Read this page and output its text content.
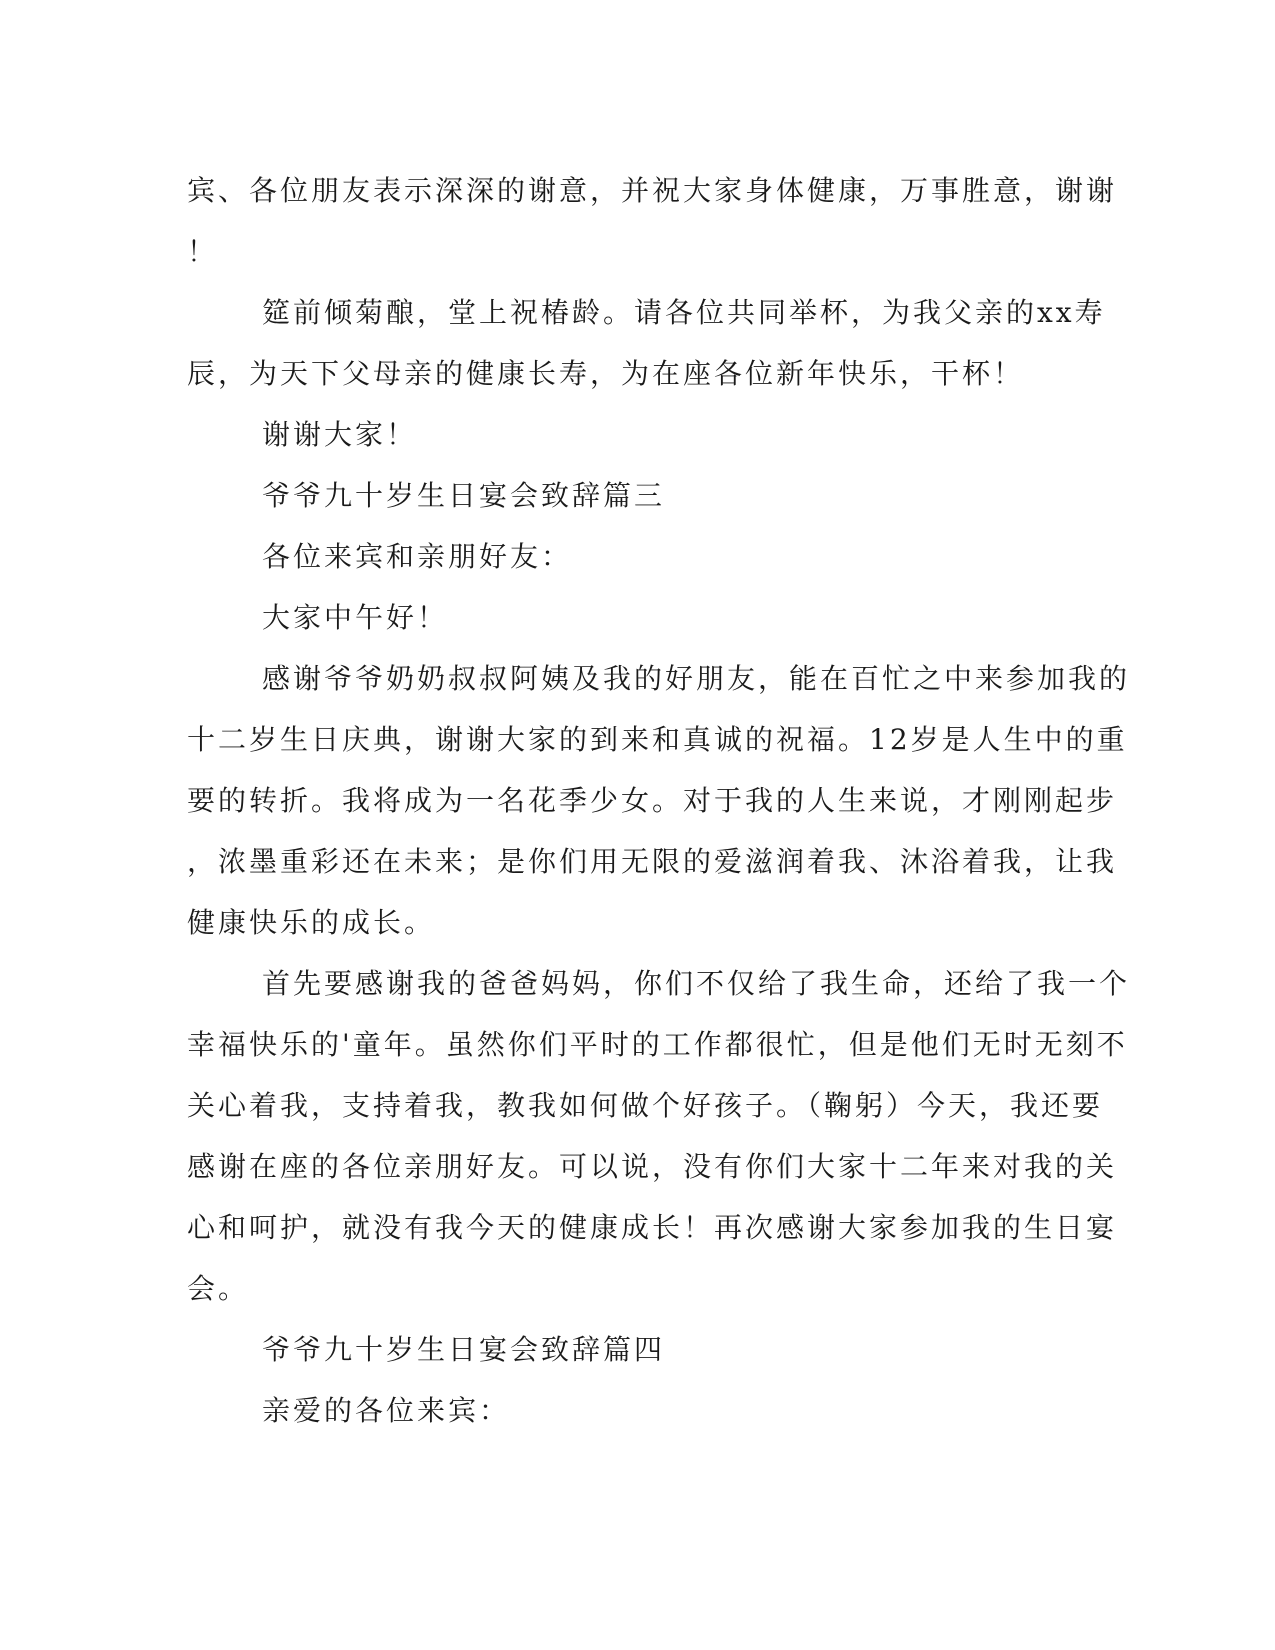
宾、各位朋友表示深深的谢意，并祝大家身体健康，万事胜意，谢谢
！
筵前倾菊酿，堂上祝椿龄。请各位共同举杯，为我父亲的xx寿
辰，为天下父母亲的健康长寿，为在座各位新年快乐，干杯！
谢谢大家！
爷爷九十岁生日宴会致辞篇三
各位来宾和亲朋好友：
大家中午好！
感谢爷爷奶奶叔叔阿姨及我的好朋友，能在百忙之中来参加我的
十二岁生日庆典，谢谢大家的到来和真诚的祝福。12岁是人生中的重
要的转折。我将成为一名花季少女。对于我的人生来说，才刚刚起步
，浓墨重彩还在未来；是你们用无限的爱滋润着我、沐浴着我，让我
健康快乐的成长。
首先要感谢我的爸爸妈妈，你们不仅给了我生命，还给了我一个
幸福快乐的'童年。虽然你们平时的工作都很忙，但是他们无时无刻不
关心着我，支持着我，教我如何做个好孩子。（鞠躬）今天，我还要
感谢在座的各位亲朋好友。可以说，没有你们大家十二年来对我的关
心和呵护，就没有我今天的健康成长！再次感谢大家参加我的生日宴
会。
爷爷九十岁生日宴会致辞篇四
亲爱的各位来宾：
